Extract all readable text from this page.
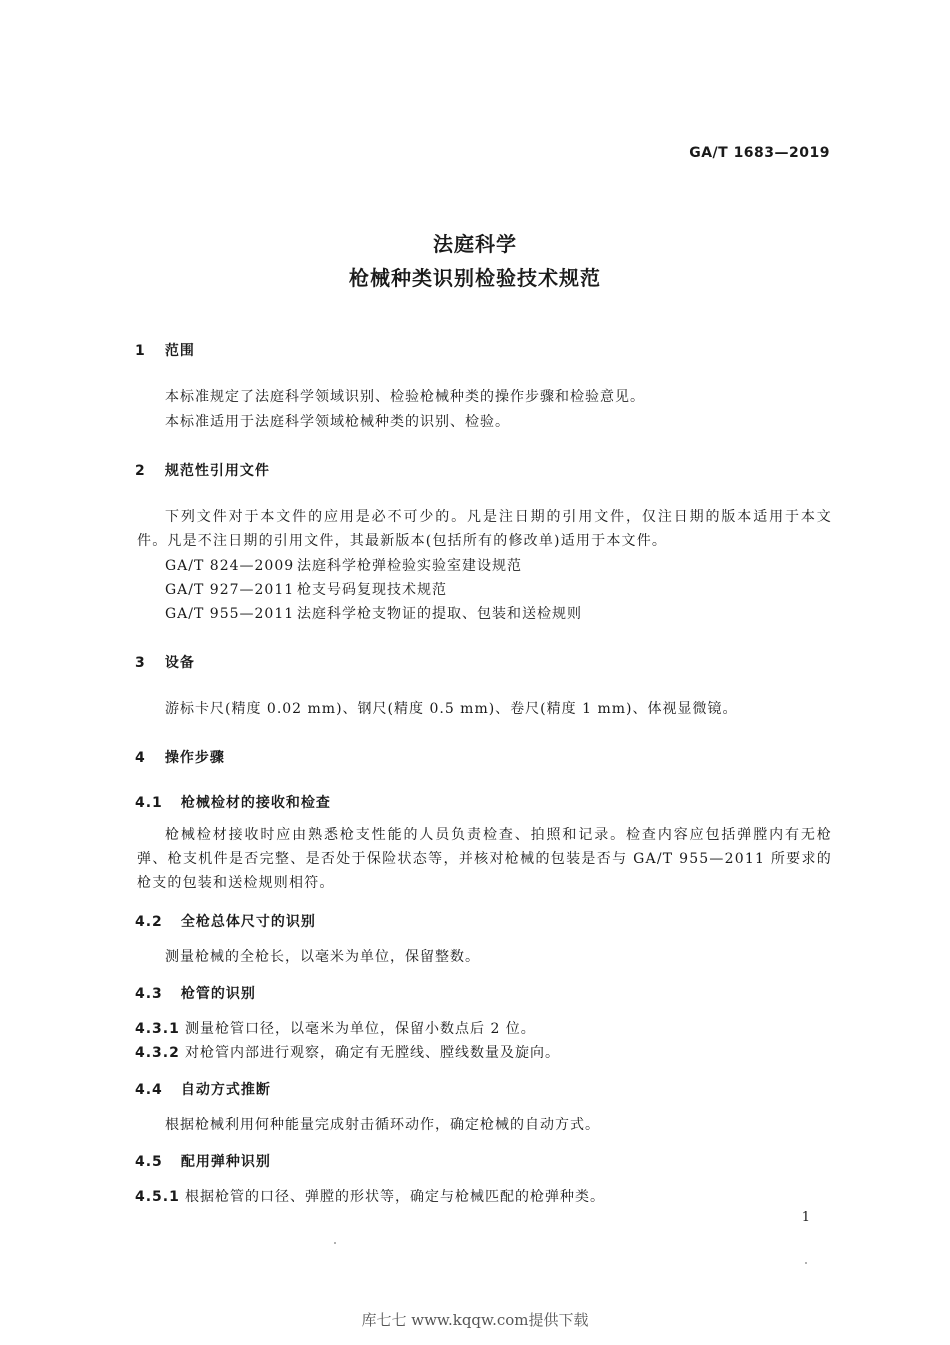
GA/T 1683—2019
法庭科学
枪械种类识别检验技术规范
1 范围
本标准规定了法庭科学领域识别、检验枪械种类的操作步骤和检验意见。
本标准适用于法庭科学领域枪械种类的识别、检验。
2 规范性引用文件
下列文件对于本文件的应用是必不可少的。凡是注日期的引用文件，仅注日期的版本适用于本文件。凡是不注日期的引用文件，其最新版本(包括所有的修改单)适用于本文件。
GA/T 824—2009 法庭科学枪弹检验实验室建设规范
GA/T 927—2011 枪支号码复现技术规范
GA/T 955—2011 法庭科学枪支物证的提取、包装和送检规则
3 设备
游标卡尺(精度 0.02 mm)、钢尺(精度 0.5 mm)、卷尺(精度 1 mm)、体视显微镜。
4 操作步骤
4.1 枪械检材的接收和检查
枪械检材接收时应由熟悉枪支性能的人员负责检查、拍照和记录。检查内容应包括弹膛内有无枪弹、枪支机件是否完整、是否处于保险状态等，并核对枪械的包装是否与 GA/T 955—2011 所要求的枪支的包装和送检规则相符。
4.2 全枪总体尺寸的识别
测量枪械的全枪长，以毫米为单位，保留整数。
4.3 枪管的识别
4.3.1 测量枪管口径，以毫米为单位，保留小数点后 2 位。
4.3.2 对枪管内部进行观察，确定有无膛线、膛线数量及旋向。
4.4 自动方式推断
根据枪械利用何种能量完成射击循环动作，确定枪械的自动方式。
4.5 配用弹种识别
4.5.1 根据枪管的口径、弹膛的形状等，确定与枪械匹配的枪弹种类。
1
库七七 www.kqqw.com提供下载
